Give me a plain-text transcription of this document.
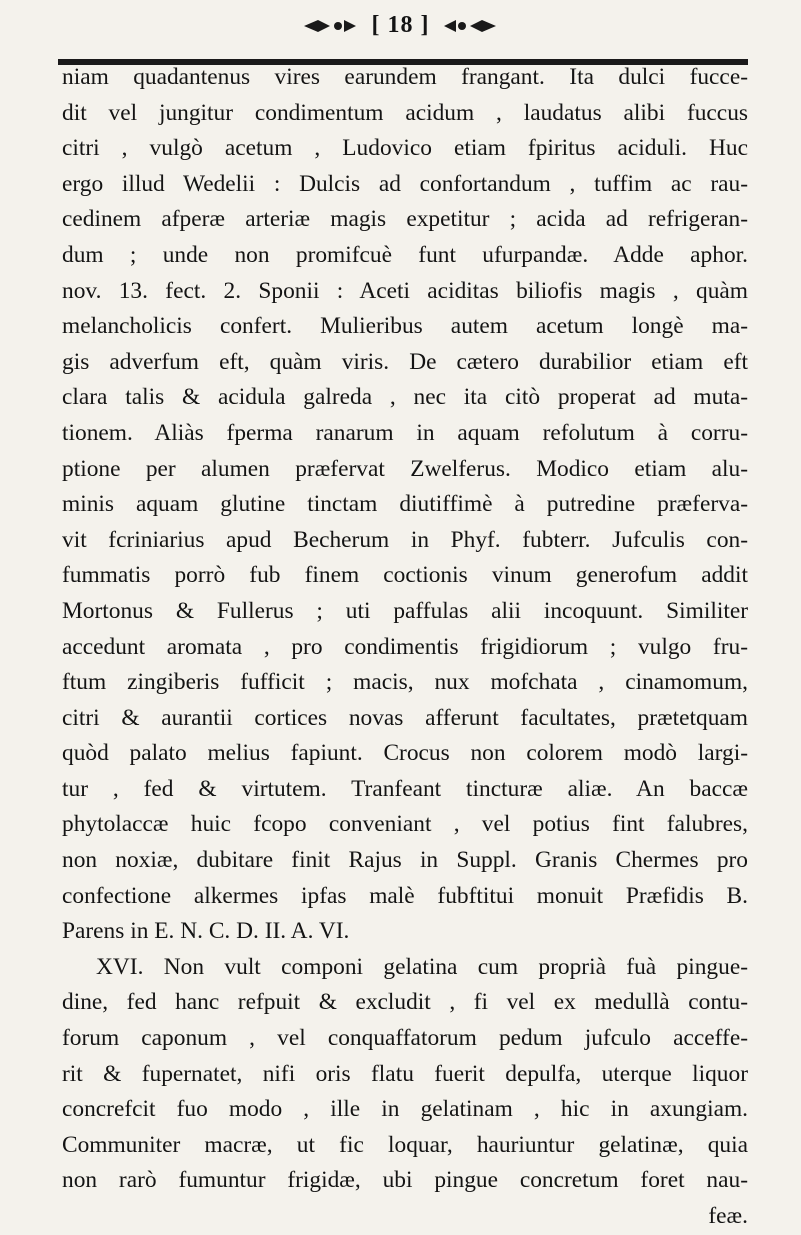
[ 18 ]
niam quadantenus vires earundem frangant. Ita dulci fucce-
dit vel jungitur condimentum acidum , laudatus alibi fuccus
citri , vulgò acetum , Ludovico etiam fpiritus aciduli. Huc
ergo illud Wedelii : Dulcis ad confortandum , tuffim ac rau-
cedinem afperæ arteriæ magis expetitur ; acida ad refrigeran-
dum ; unde non promifcuè funt ufurpandæ. Adde aphor.
nov. 13. fect. 2. Sponii : Aceti aciditas biliofis magis , quàm
melancholicis confert. Mulieribus autem acetum longè ma-
gis adverfum eft, quàm viris. De cætero durabilior etiam eft
clara talis & acidula galreda , nec ita citò properat ad muta-
tionem. Aliàs fperma ranarum in aquam refolutum à corru-
ptione per alumen præfervat Zwelferus. Modico etiam alu-
minis aquam glutine tinctam diutiffimè à putredine præferva-
vit fcriniarius apud Becherum in Phyf. fubterr. Jufculis con-
fummatis porrò fub finem coctionis vinum generofum addit
Mortonus & Fullerus ; uti paffulas alii incoquunt. Similiter
accedunt aromata , pro condimentis frigidiorum ; vulgo fru-
ftum zingiberis fufficit ; macis, nux mofchata , cinamomum,
citri & aurantii cortices novas afferunt facultates, prætetquam
quòd palato melius fapiunt. Crocus non colorem modò largi-
tur , fed & virtutem. Tranfeant tincturæ aliæ. An baccæ
phytolaccæ huic fcopo conveniant , vel potius fint falubres,
non noxiæ, dubitare finit Rajus in Suppl. Granis Chermes pro
confectione alkermes ipfas malè fubftitui monuit Præfidis B.
Parens in E. N. C. D. II. A. VI.
XVI. Non vult componi gelatina cum proprià fuà pingue-
dine, fed hanc refpuit & excludit , fi vel ex medullà contu-
forum caponum , vel conquaffatorum pedum jufculo acceffe-
rit & fupernatet, nifi oris flatu fuerit depulfa, uterque liquor
concrefcit fuo modo , ille in gelatinam , hic in axungiam.
Communiter macræ, ut fic loquar, hauriuntur gelatinæ, quia
non rarò fumuntur frigidæ, ubi pingue concretum foret nau-
feæ.
